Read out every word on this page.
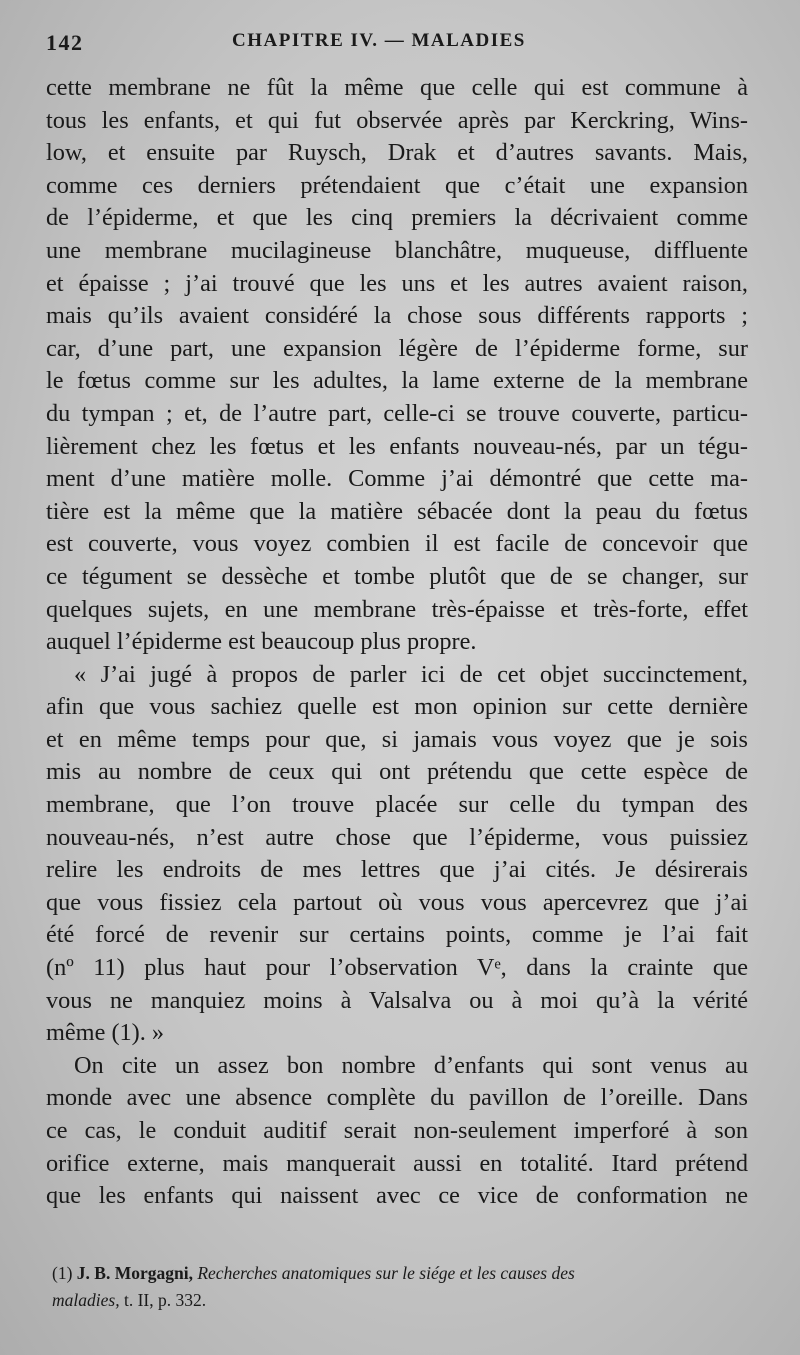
142	CHAPITRE IV. — MALADIES

cette membrane ne fût la même que celle qui est commune à
tous les enfants, et qui fut observée après par Kerckring, Wins-
low, et ensuite par Ruysch, Drak et d’autres savants. Mais,
comme ces derniers prétendaient que c’était une expansion
de l’épiderme, et que les cinq premiers la décrivaient comme
une membrane mucilagineuse blanchâtre, muqueuse, diffluente
et épaisse ; j’ai trouvé que les uns et les autres avaient raison,
mais qu’ils avaient considéré la chose sous différents rapports ;
car, d’une part, une expansion légère de l’épiderme forme, sur
le fœtus comme sur les adultes, la lame externe de la membrane
du tympan ; et, de l’autre part, celle-ci se trouve couverte, particu-
lièrement chez les fœtus et les enfants nouveau-nés, par un tégu-
ment d’une matière molle. Comme j’ai démontré que cette ma-
tière est la même que la matière sébacée dont la peau du fœtus
est couverte, vous voyez combien il est facile de concevoir que
ce tégument se dessèche et tombe plutôt que de se changer, sur
quelques sujets, en une membrane très-épaisse et très-forte, effet
auquel l’épiderme est beaucoup plus propre.

« J’ai jugé à propos de parler ici de cet objet succinctement,
afin que vous sachiez quelle est mon opinion sur cette dernière
et en même temps pour que, si jamais vous voyez que je sois
mis au nombre de ceux qui ont prétendu que cette espèce de
membrane, que l’on trouve placée sur celle du tympan des
nouveau-nés, n’est autre chose que l’épiderme, vous puissiez
relire les endroits de mes lettres que j’ai cités. Je désirerais
que vous fissiez cela partout où vous vous apercevrez que j’ai
été forcé de revenir sur certains points, comme je l’ai fait
(nº 11) plus haut pour l’observation Vᵉ, dans la crainte que
vous ne manquiez moins à Valsalva ou à moi qu’à la vérité
même (1). »

On cite un assez bon nombre d’enfants qui sont venus au
monde avec une absence complète du pavillon de l’oreille. Dans
ce cas, le conduit auditif serait non-seulement imperforé à son
orifice externe, mais manquerait aussi en totalité. Itard prétend
que les enfants qui naissent avec ce vice de conformation ne

(1) J. B. Morgagni, Recherches anatomiques sur le siége et les causes des
maladies, t. II, p. 332.
